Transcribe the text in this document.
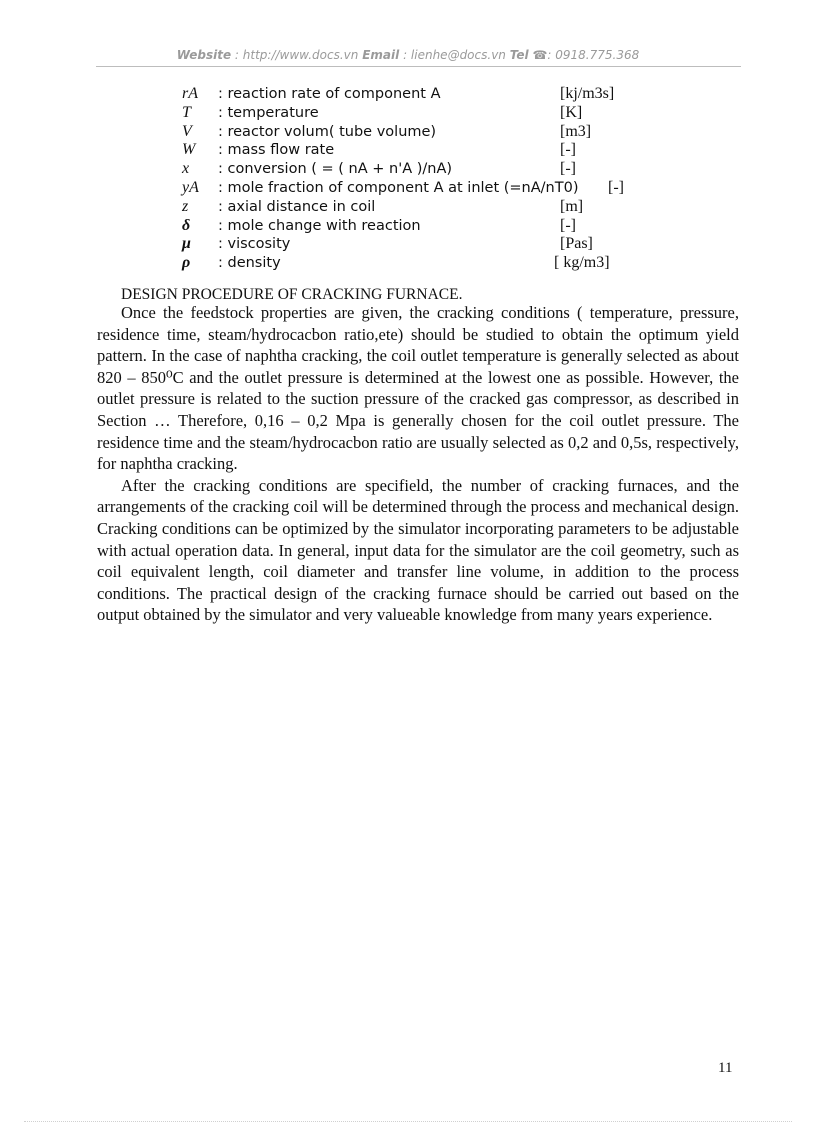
Website : http://www.docs.vn Email : lienhe@docs.vn Tel ☎: 0918.775.368
rA : reaction rate of component A	[kj/m3s]
T : temperature	[K]
V : reactor volum( tube volume)	[m3]
W : mass flow rate	[-]
x : conversion ( = ( nA + n'A )/nA)	[-]
yA : mole fraction of component A at inlet (=nA/nT0) [-]
z : axial distance in coil	[m]
δ : mole change with reaction	[-]
μ : viscosity	[Pas]
ρ : density	[ kg/m3]
DESIGN PROCEDURE OF CRACKING FURNACE.

Once the feedstock properties are given, the cracking conditions ( temperature, pressure, residence time, steam/hydrocacbon ratio,ete) should be studied to obtain the optimum yield pattern. In the case of naphtha cracking, the coil outlet temperature is generally selected as about 820 – 850⁰C and the outlet pressure is determined at the lowest one as possible. However, the outlet pressure is related to the suction pressure of the cracked gas compressor, as described in Section … Therefore, 0,16 – 0,2 Mpa is generally chosen for the coil outlet pressure. The residence time and the steam/hydrocacbon ratio are usually selected as 0,2 and 0,5s, respectively, for naphtha cracking.

After the cracking conditions are specifield, the number of cracking furnaces, and the arrangements of the cracking coil will be determined through the process and mechanical design. Cracking conditions can be optimized by the simulator incorporating parameters to be adjustable with actual operation data. In general, input data for the simulator are the coil geometry, such as coil equivalent length, coil diameter and transfer line volume, in addition to the process conditions. The practical design of the cracking furnace should be carried out based on the output obtained by the simulator and very valueable knowledge from many years experience.

11
